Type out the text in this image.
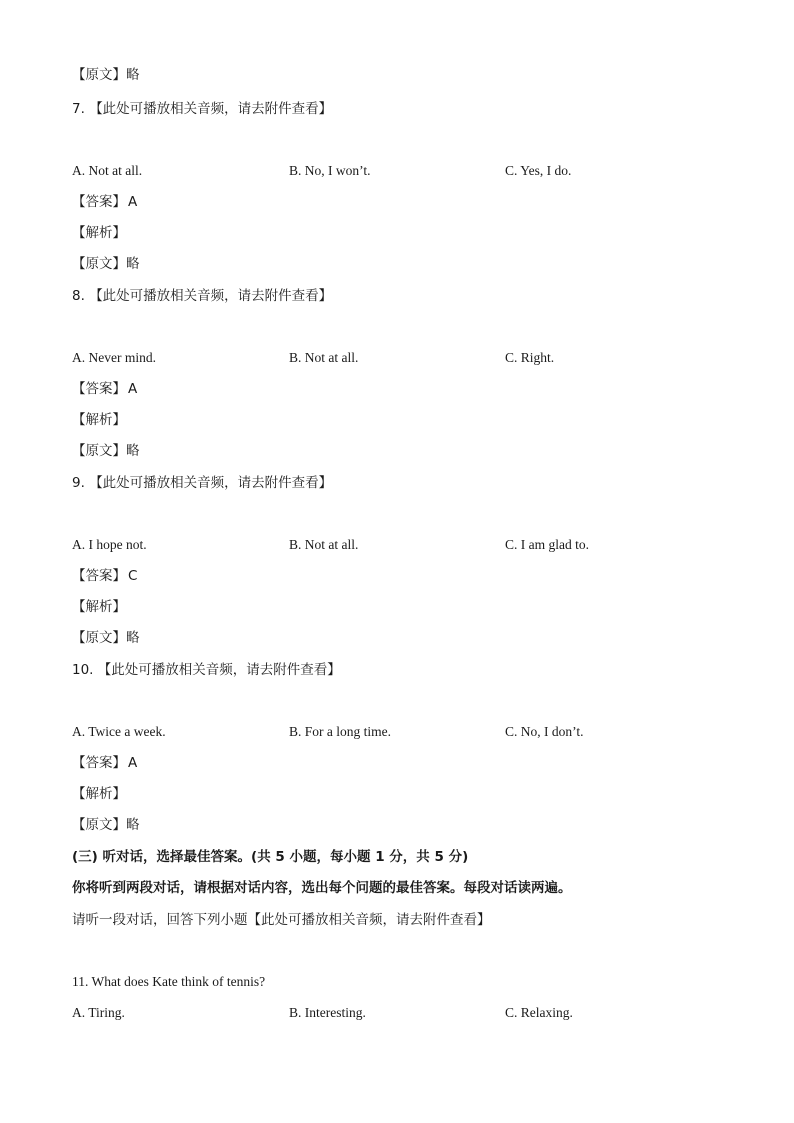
【原文】略
7. 【此处可播放相关音频，请去附件查看】
A. Not at all.	B. No, I won’t.	C. Yes, I do.
【答案】 A
【解析】
【原文】略
8. 【此处可播放相关音频，请去附件查看】
A. Never mind.	B. Not at all.	C. Right.
【答案】 A
【解析】
【原文】略
9. 【此处可播放相关音频，请去附件查看】
A. I hope not.	B. Not at all.	C. I am glad to.
【答案】 C
【解析】
【原文】略
10. 【此处可播放相关音频，请去附件查看】
A. Twice a week.	B. For a long time.	C. No, I don’t.
【答案】 A
【解析】
【原文】略
(三) 听对话，选择最佳答案。(共 5 小题，每小题 1 分，共 5 分)
你将听到两段对话，请根据对话内容，选出每个问题的最佳答案。每段对话读两遍。
请听一段对话，回答下列小题【此处可播放相关音频，请去附件查看】
11. What does Kate think of tennis?
A. Tiring.	B. Interesting.	C. Relaxing.
